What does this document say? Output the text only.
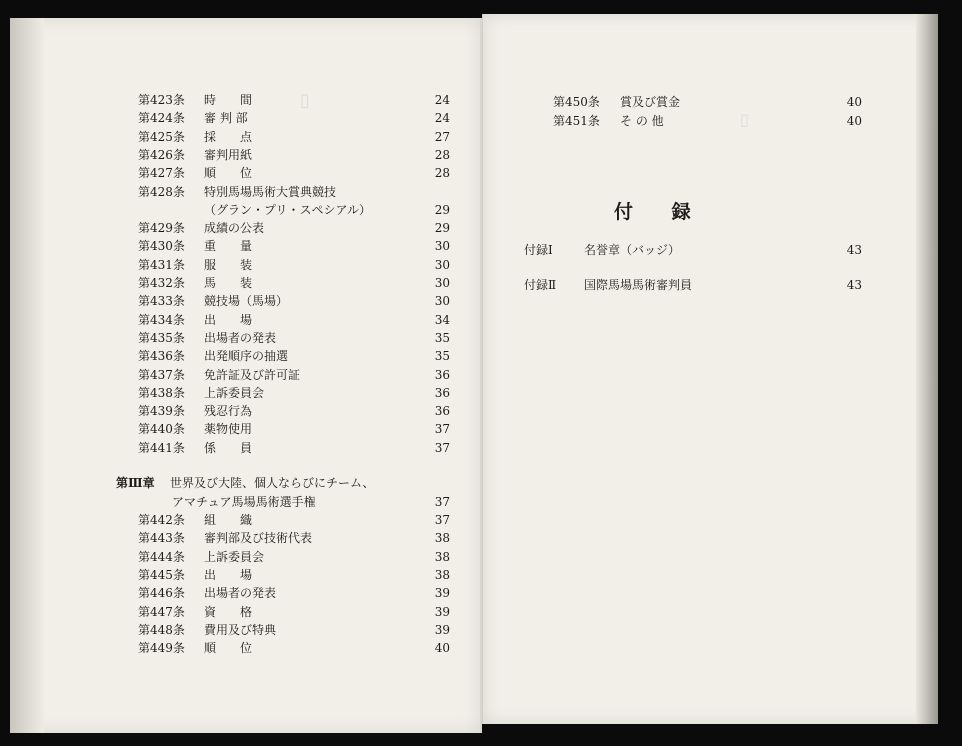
▯
▯
第423条 時　　間	24
第424条 審 判 部	24
第425条 採　　点	27
第426条 審判用紙	28
第427条 順　　位	28
第428条 特別馬場馬術大賞典競技
（グラン・プリ・スペシアル）	29
第429条 成績の公表	29
第430条 重　　量	30
第431条 服　　装	30
第432条 馬　　装	30
第433条 競技場（馬場）	30
第434条 出　　場	34
第435条 出場者の発表	35
第436条 出発順序の抽選	35
第437条 免許証及び許可証	36
第438条 上訴委員会	36
第439条 残忍行為	36
第440条 薬物使用	37
第441条 係　　員	37
第Ⅲ章 世界及び大陸、個人ならびにチーム、
アマチュア馬場馬術選手権	37
第442条 組　　織	37
第443条 審判部及び技術代表	38
第444条 上訴委員会	38
第445条 出　　場	38
第446条 出場者の発表	39
第447条 資　　格	39
第448条 費用及び特典	39
第449条 順　　位	40
第450条 賞及び賞金	40
第451条 そ の 他	40
付 録
付録Ⅰ	名誉章（バッジ）	43
付録Ⅱ 国際馬場馬術審判員	43
